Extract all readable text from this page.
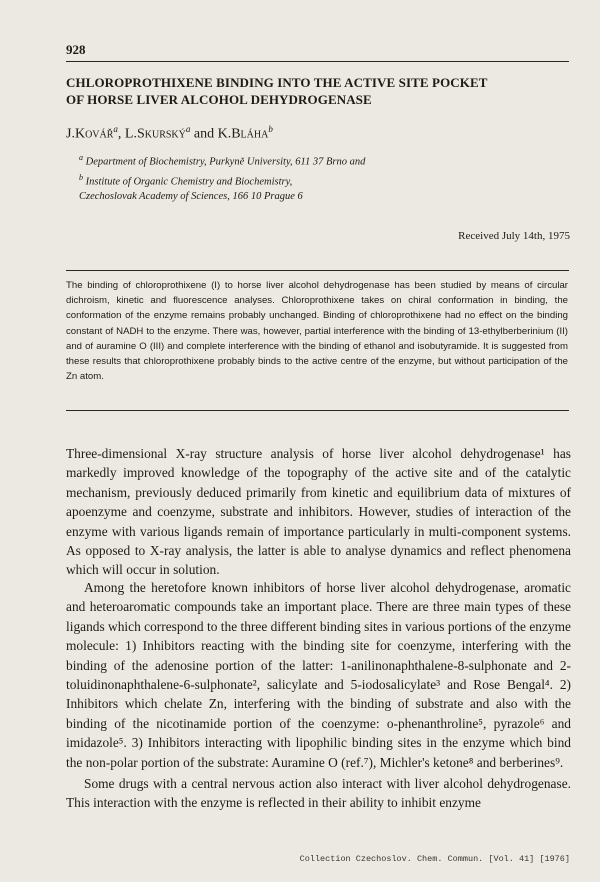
928
CHLOROPROTHIXENE BINDING INTO THE ACTIVE SITE POCKET
OF HORSE LIVER ALCOHOL DEHYDROGENASE
J.Kovář$^a$, L.Skurský$^a$ and K.Bláha$^b$
$^a$ Department of Biochemistry, Purkyně University, 611 37 Brno and
$^b$ Institute of Organic Chemistry and Biochemistry,
Czechoslovak Academy of Sciences, 166 10 Prague 6
Received July 14th, 1975
The binding of chloroprothixene (I) to horse liver alcohol dehydrogenase has been studied by means of circular dichroism, kinetic and fluorescence analyses. Chloroprothixene takes on chiral conformation in binding, the conformation of the enzyme remains probably unchanged. Binding of chloroprothixene had no effect on the binding constant of NADH to the enzyme. There was, however, partial interference with the binding of 13-ethylberberinium (II) and of auramine O (III) and complete interference with the binding of ethanol and isobutyramide. It is suggested from these results that chloroprothixene probably binds to the active centre of the enzyme, but without participation of the Zn atom.
Three-dimensional X-ray structure analysis of horse liver alcohol dehydrogenase¹ has markedly improved knowledge of the topography of the active site and of the catalytic mechanism, previously deduced primarily from kinetic and equilibrium data of mixtures of apoenzyme and coenzyme, substrate and inhibitors. However, studies of interaction of the enzyme with various ligands remain of importance particularly in multi-component systems. As opposed to X-ray analysis, the latter is able to analyse dynamics and reflect phenomena which will occur in solution.
Among the heretofore known inhibitors of horse liver alcohol dehydrogenase, aromatic and heteroaromatic compounds take an important place. There are three main types of these ligands which correspond to the three different binding sites in various portions of the enzyme molecule: 1) Inhibitors reacting with the binding site for coenzyme, interfering with the binding of the adenosine portion of the latter: 1-anilinonaphthalene-8-sulphonate and 2-toluidinonaphthalene-6-sulphonate², salicylate and 5-iodosalicylate³ and Rose Bengal⁴. 2) Inhibitors which chelate Zn, interfering with the binding of substrate and also with the binding of the nicotinamide portion of the coenzyme: o-phenanthroline⁵, pyrazole⁶ and imidazole⁵. 3) Inhibitors interacting with lipophilic binding sites in the enzyme which bind the non-polar portion of the substrate: Auramine O (ref.⁷), Michler's ketone⁸ and berberines⁹.
Some drugs with a central nervous action also interact with liver alcohol dehydrogenase. This interaction with the enzyme is reflected in their ability to inhibit enzyme
Collection Czechoslov. Chem. Commun. [Vol. 41] [1976]
